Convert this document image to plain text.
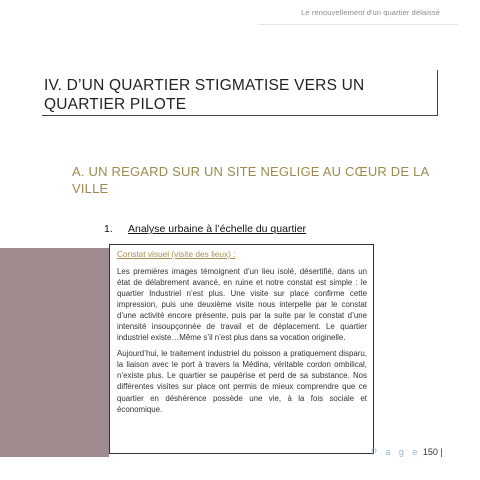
Le renouvellement d'un quartier délaissé
IV. D’UN QUARTIER STIGMATISE VERS UN QUARTIER PILOTE
A. UN REGARD SUR UN SITE NEGLIGE AU CŒUR DE LA VILLE
1. Analyse urbaine à l’échelle du quartier
Constat visuel (visite des lieux) :

Les premières images témoignent d’un lieu isolé, désertifié, dans un état de délabrement avancé, en ruine et notre constat est simple : le quartier Industriel n’est plus. Une visite sur place confirme cette impression, puis une deuxième visite nous interpelle par le constat d’une activité encore présente, puis par la suite par le constat d’une intensité insoupçonnée de travail et de déplacement. Le quartier industriel existe…Même s’il n’est plus dans sa vocation originelle.

Aujourd’hui, le traitement industriel du poisson a pratiquement disparu, la liaison avec le port à travers la Médina, véritable cordon ombilical, n’existe plus. Le quartier se paupérise et perd de sa substance. Nos différentes visites sur place ont permis de mieux comprendre que ce quartier en déshérence possède une vie, à la fois sociale et économique.

P a g e 150 |
